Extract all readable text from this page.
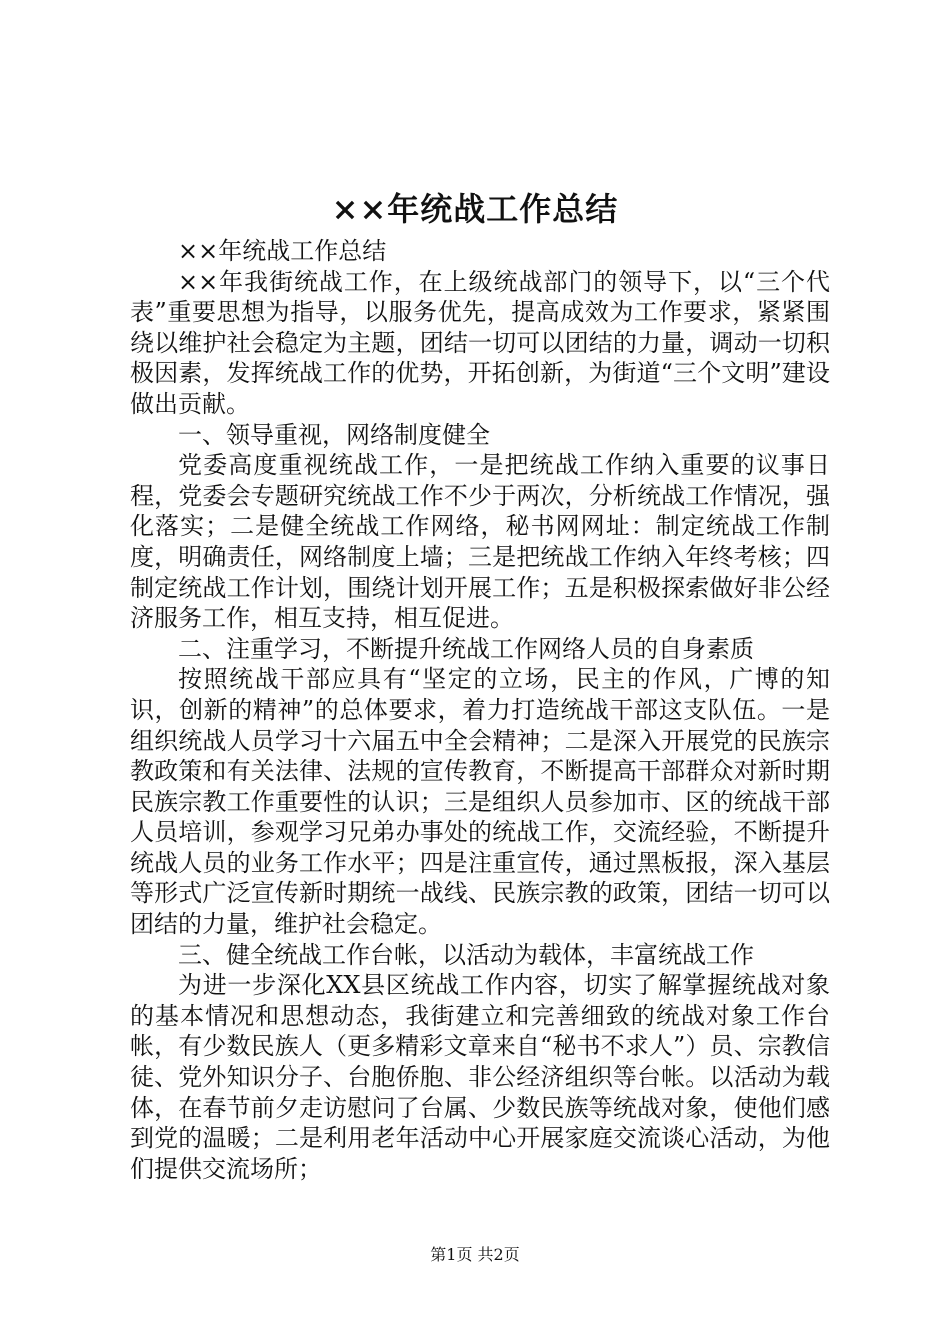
××年统战工作总结

××年统战工作总结

××年我街统战工作，在上级统战部门的领导下，以“三个代表”重要思想为指导，以服务优先，提高成效为工作要求，紧紧围绕以维护社会稳定为主题，团结一切可以团结的力量，调动一切积极因素，发挥统战工作的优势，开拓创新，为街道“三个文明”建设做出贡献。

一、领导重视，网络制度健全

党委高度重视统战工作，一是把统战工作纳入重要的议事日程，党委会专题研究统战工作不少于两次，分析统战工作情况，强化落实；二是健全统战工作网络，秘书网网址：制定统战工作制度，明确责任，网络制度上墙；三是把统战工作纳入年终考核；四制定统战工作计划，围绕计划开展工作；五是积极探索做好非公经济服务工作，相互支持，相互促进。

二、注重学习，不断提升统战工作网络人员的自身素质

按照统战干部应具有“坚定的立场，民主的作风，广博的知识，创新的精神”的总体要求，着力打造统战干部这支队伍。一是组织统战人员学习十六届五中全会精神；二是深入开展党的民族宗教政策和有关法律、法规的宣传教育，不断提高干部群众对新时期民族宗教工作重要性的认识；三是组织人员参加市、区的统战干部人员培训，参观学习兄弟办事处的统战工作，交流经验，不断提升统战人员的业务工作水平；四是注重宣传，通过黑板报，深入基层等形式广泛宣传新时期统一战线、民族宗教的政策，团结一切可以团结的力量，维护社会稳定。

三、健全统战工作台帐，以活动为载体，丰富统战工作

为进一步深化XX县区统战工作内容，切实了解掌握统战对象的基本情况和思想动态，我街建立和完善细致的统战对象工作台帐，有少数民族人（更多精彩文章来自“秘书不求人”）员、宗教信徒、党外知识分子、台胞侨胞、非公经济组织等台帐。以活动为载体，在春节前夕走访慰问了台属、少数民族等统战对象，使他们感到党的温暖；二是利用老年活动中心开展家庭交流谈心活动，为他们提供交流场所；

第1页 共2页
